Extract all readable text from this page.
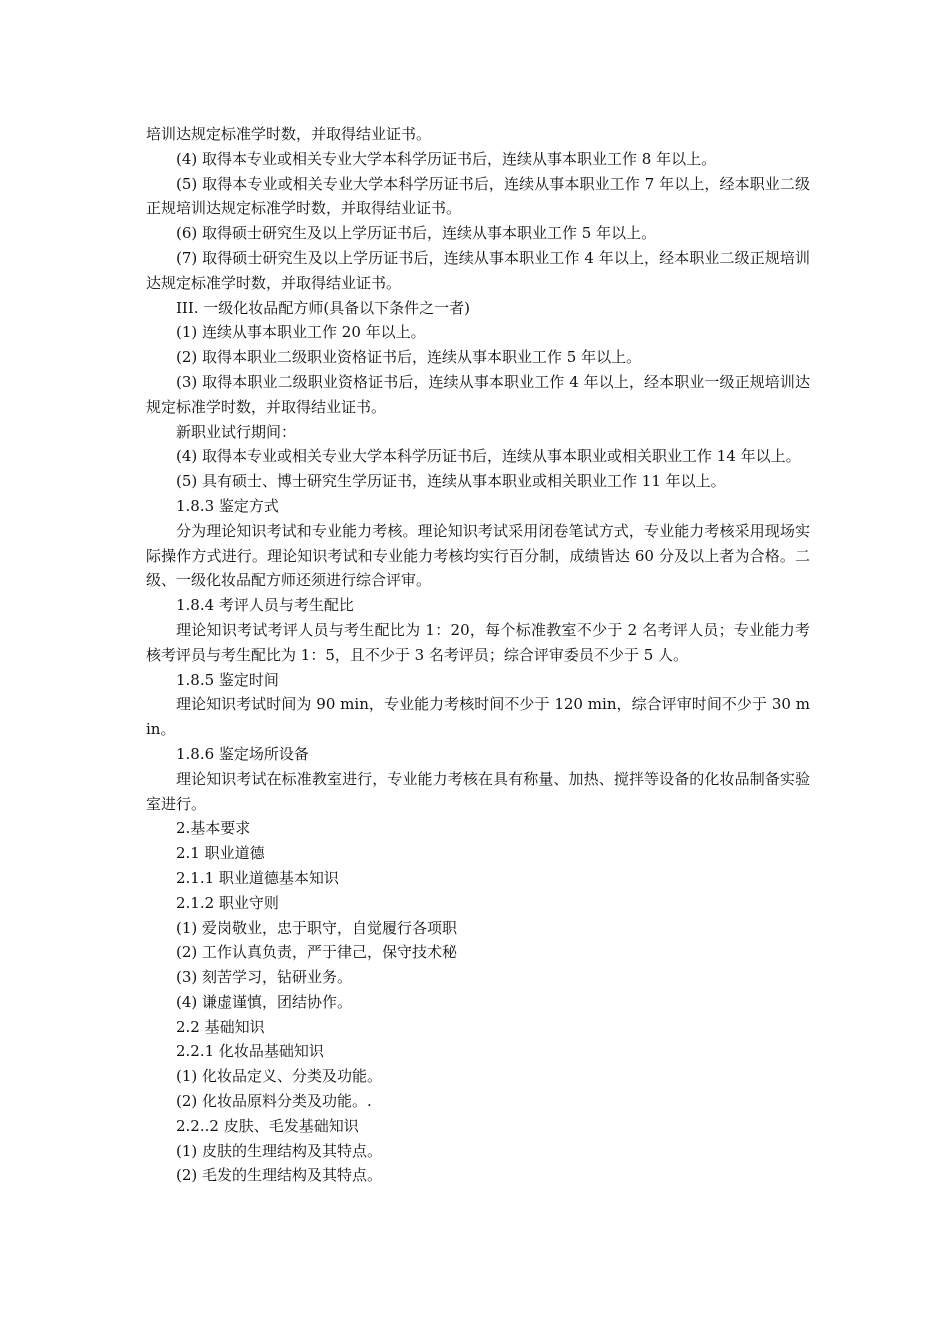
培训达规定标准学时数，并取得结业证书。

(4) 取得本专业或相关专业大学本科学历证书后，连续从事本职业工作 8 年以上。

(5) 取得本专业或相关专业大学本科学历证书后，连续从事本职业工作 7 年以上，经本职业二级正规培训达规定标准学时数，并取得结业证书。

(6) 取得硕士研究生及以上学历证书后，连续从事本职业工作 5 年以上。

(7) 取得硕士研究生及以上学历证书后，连续从事本职业工作 4 年以上，经本职业二级正规培训达规定标准学时数，并取得结业证书。

III. 一级化妆品配方师(具备以下条件之一者)

(1) 连续从事本职业工作 20 年以上。

(2) 取得本职业二级职业资格证书后，连续从事本职业工作 5 年以上。

(3) 取得本职业二级职业资格证书后，连续从事本职业工作 4 年以上，经本职业一级正规培训达规定标准学时数，并取得结业证书。

新职业试行期间：

(4) 取得本专业或相关专业大学本科学历证书后，连续从事本职业或相关职业工作 14 年以上。

(5) 具有硕士、博士研究生学历证书，连续从事本职业或相关职业工作 11 年以上。

1.8.3 鉴定方式

分为理论知识考试和专业能力考核。理论知识考试采用闭卷笔试方式，专业能力考核采用现场实际操作方式进行。理论知识考试和专业能力考核均实行百分制，成绩皆达 60 分及以上者为合格。二级、一级化妆品配方师还须进行综合评审。

1.8.4 考评人员与考生配比

理论知识考试考评人员与考生配比为 1：20，每个标准教室不少于 2 名考评人员；专业能力考核考评员与考生配比为 1：5，且不少于 3 名考评员；综合评审委员不少于 5 人。

1.8.5 鉴定时间

理论知识考试时间为 90 min，专业能力考核时间不少于 120 min，综合评审时间不少于 30 min。

1.8.6 鉴定场所设备

理论知识考试在标准教室进行，专业能力考核在具有称量、加热、搅拌等设备的化妆品制备实验室进行。

2.基本要求

2.1 职业道德

2.1.1 职业道德基本知识

2.1.2 职业守则

(1) 爱岗敬业，忠于职守，自觉履行各项职

(2) 工作认真负责，严于律己，保守技术秘

(3) 刻苦学习，钻研业务。

(4) 谦虚谨慎，团结协作。

2.2 基础知识

2.2.1 化妆品基础知识

(1) 化妆品定义、分类及功能。

(2) 化妆品原料分类及功能。.

2.2..2 皮肤、毛发基础知识

(1) 皮肤的生理结构及其特点。

(2) 毛发的生理结构及其特点。
